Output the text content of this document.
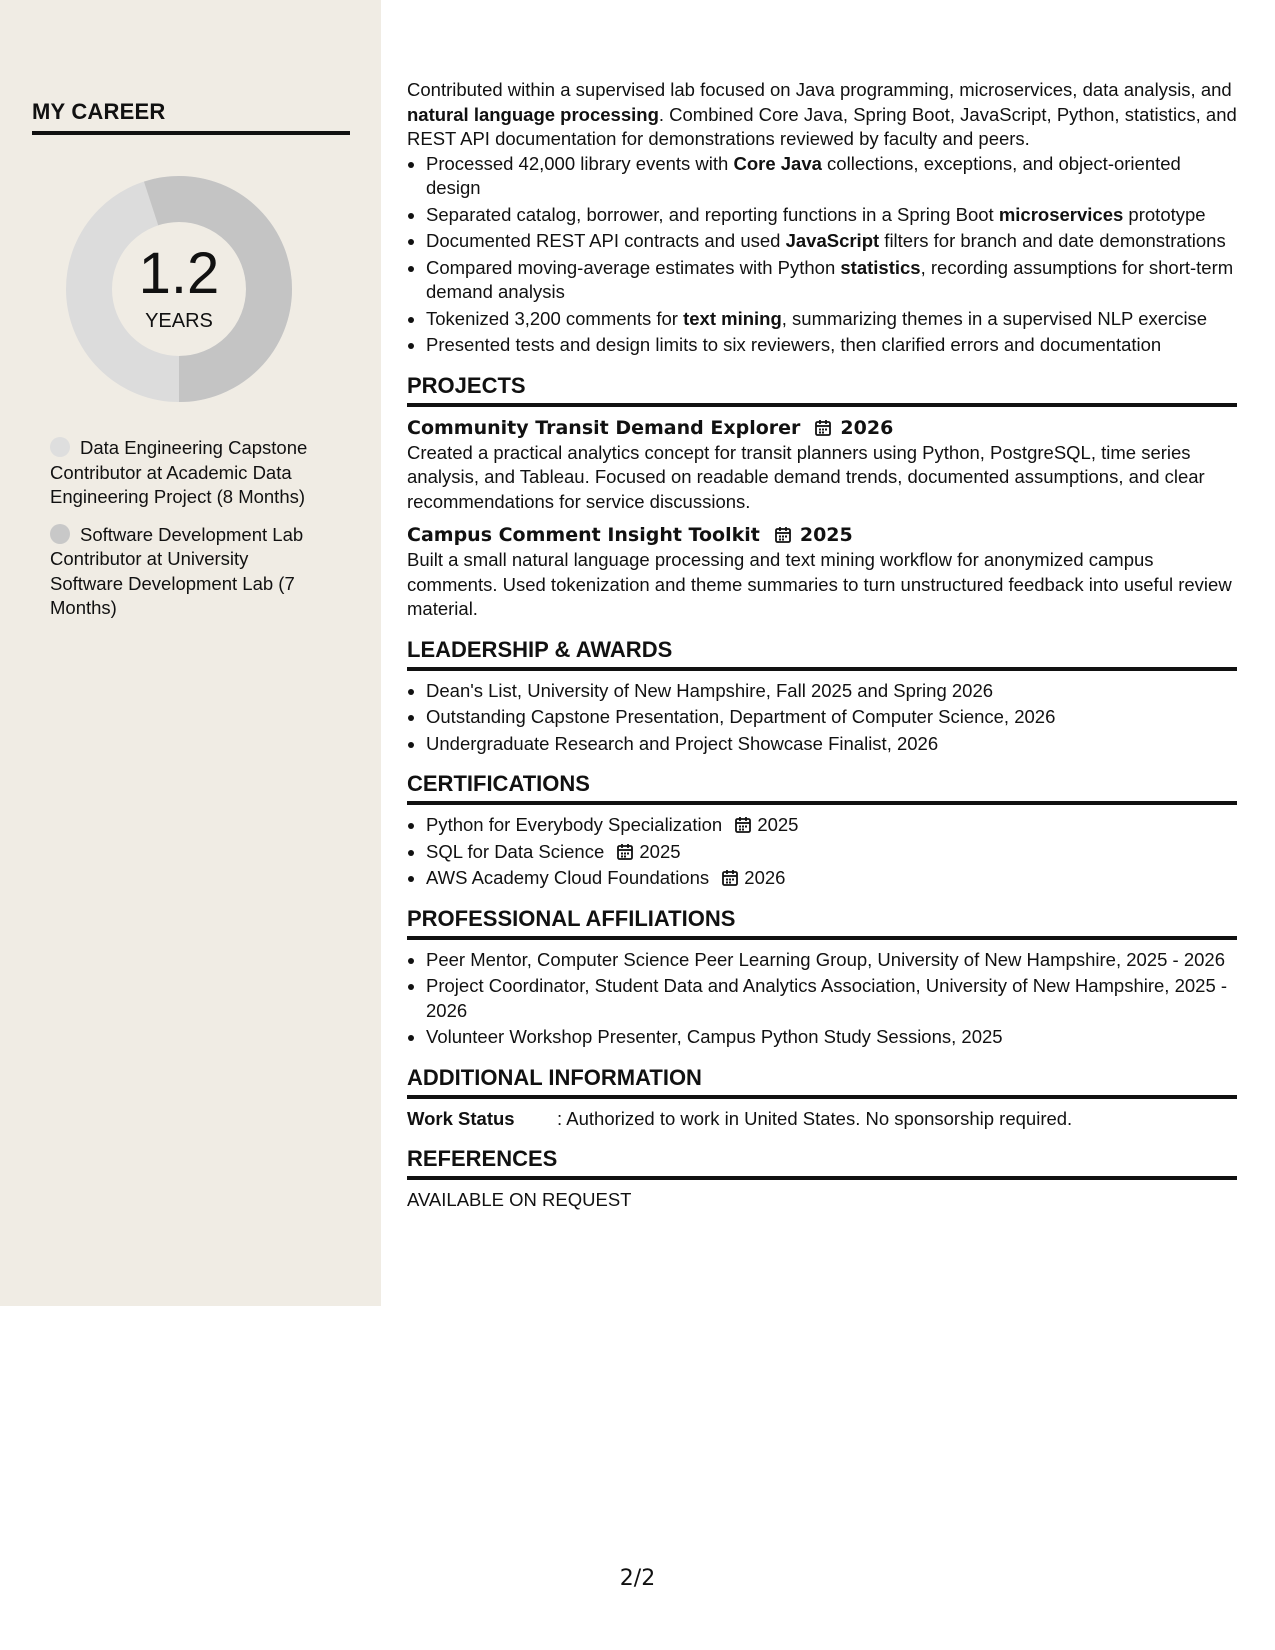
MY CAREER
1.2
YEARS
Data Engineering Capstone Contributor at Academic Data Engineering Project (8 Months)
Software Development Lab Contributor at University Software Development Lab (7 Months)

Contributed within a supervised lab focused on Java programming, microservices, data analysis, and natural language processing. Combined Core Java, Spring Boot, JavaScript, Python, statistics, and REST API documentation for demonstrations reviewed by faculty and peers.

• Processed 42,000 library events with Core Java collections, exceptions, and object-oriented design
• Separated catalog, borrower, and reporting functions in a Spring Boot microservices prototype
• Documented REST API contracts and used JavaScript filters for branch and date demonstrations
• Compared moving-average estimates with Python statistics, recording assumptions for short-term demand analysis
• Tokenized 3,200 comments for text mining, summarizing themes in a supervised NLP exercise
• Presented tests and design limits to six reviewers, then clarified errors and documentation
PROJECTS
Community Transit Demand Explorer 2026

Created a practical analytics concept for transit planners using Python, PostgreSQL, time series analysis, and Tableau. Focused on readable demand trends, documented assumptions, and clear recommendations for service discussions.

Campus Comment Insight Toolkit 2025

Built a small natural language processing and text mining workflow for anonymized campus comments. Used tokenization and theme summaries to turn unstructured feedback into useful review material.

LEADERSHIP & AWARDS
• Dean's List, University of New Hampshire, Fall 2025 and Spring 2026
• Outstanding Capstone Presentation, Department of Computer Science, 2026
• Undergraduate Research and Project Showcase Finalist, 2026
CERTIFICATIONS
• Python for Everybody Specialization 2025
• SQL for Data Science 2025
• AWS Academy Cloud Foundations 2026
PROFESSIONAL AFFILIATIONS
• Peer Mentor, Computer Science Peer Learning Group, University of New Hampshire, 2025 - 2026
• Project Coordinator, Student Data and Analytics Association, University of New Hampshire, 2025 - 2026
• Volunteer Workshop Presenter, Campus Python Study Sessions, 2025
ADDITIONAL INFORMATION
Work Status	: Authorized to work in United States. No sponsorship required.
REFERENCES

AVAILABLE ON REQUEST

2/2
